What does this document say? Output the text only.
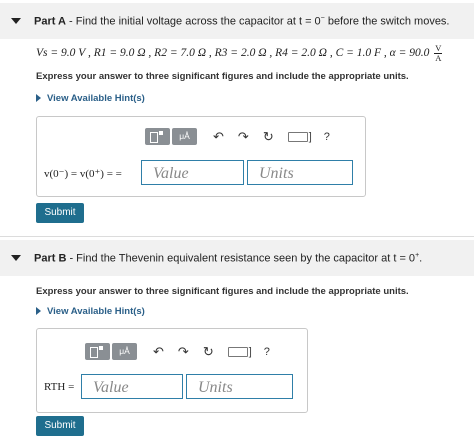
Part A - Find the initial voltage across the capacitor at t = 0− before the switch moves.
Vs = 9.0 V , R1 = 9.0 Ω , R2 = 7.0 Ω , R3 = 2.0 Ω , R4 = 2.0 Ω , C = 1.0 F , $\alpha = 90.0 \frac{V}{A}$
Express your answer to three significant figures and include the appropriate units.
View Available Hint(s)
μÅ	↶ ↷ ↻	] ?
v(0⁻) = v(0⁺) = =	Value	Units
Submit
Part B - Find the Thevenin equivalent resistance seen by the capacitor at t = 0+.
Express your answer to three significant figures and include the appropriate units.
View Available Hint(s)
μÅ	↶ ↷ ↻	] ?
RTH =	Value	Units
Submit
